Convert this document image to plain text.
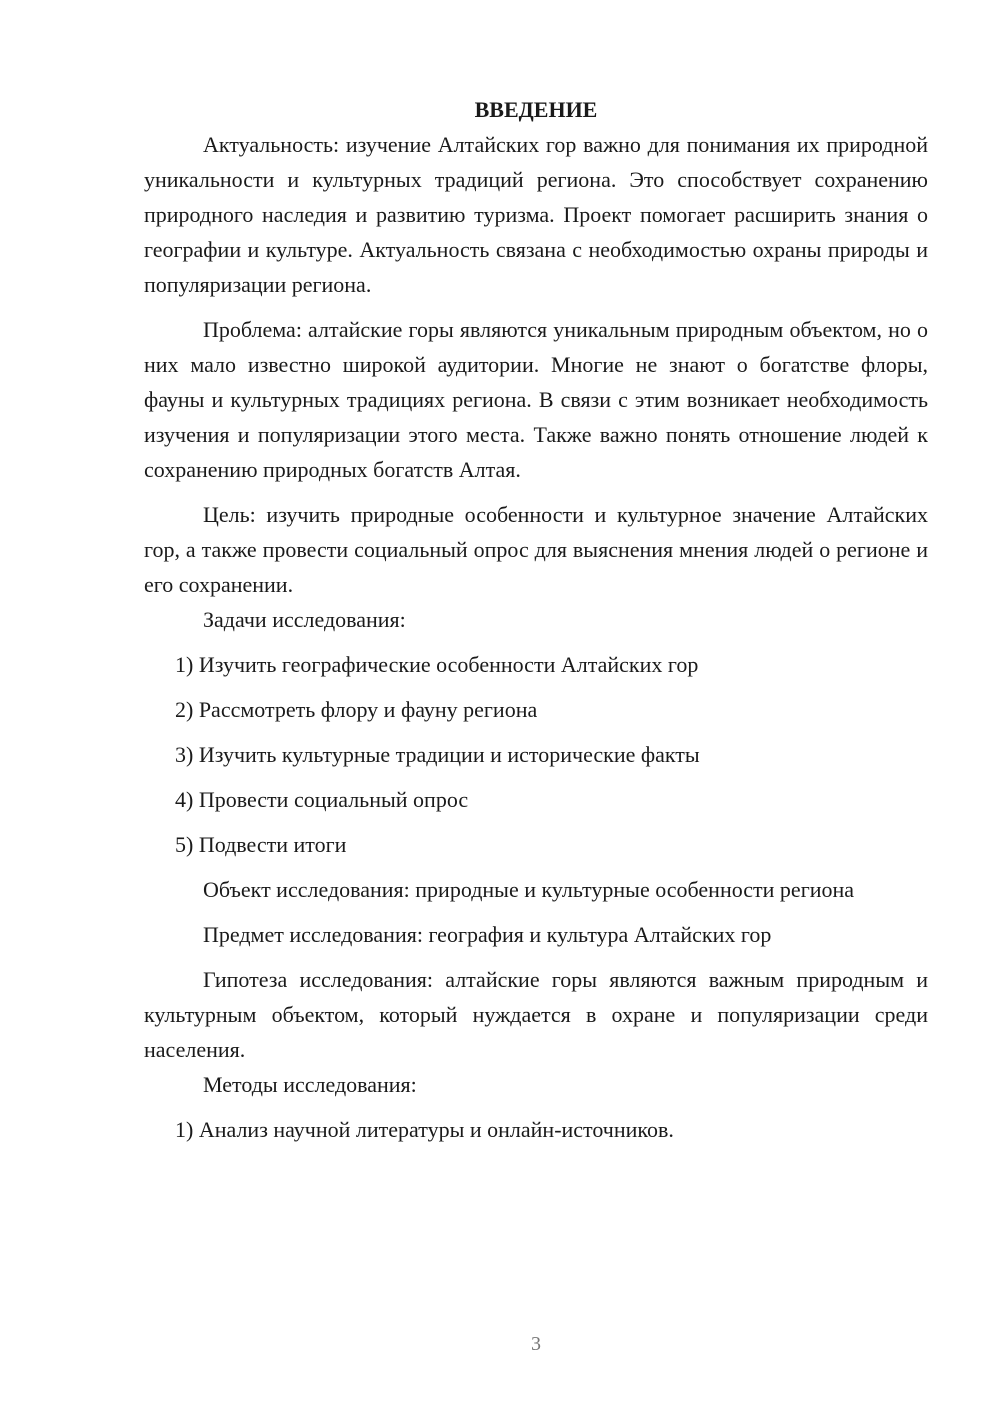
ВВЕДЕНИЕ

Актуальность: изучение Алтайских гор важно для понимания их природной уникальности и культурных традиций региона. Это способствует сохранению природного наследия и развитию туризма. Проект помогает расширить знания о географии и культуре. Актуальность связана с необходимостью охраны природы и популяризации региона.

Проблема: алтайские горы являются уникальным природным объектом, но о них мало известно широкой аудитории. Многие не знают о богатстве флоры, фауны и культурных традициях региона. В связи с этим возникает необходимость изучения и популяризации этого места. Также важно понять отношение людей к сохранению природных богатств Алтая.

Цель: изучить природные особенности и культурное значение Алтайских гор, а также провести социальный опрос для выяснения мнения людей о регионе и его сохранении.

Задачи исследования:

1) Изучить географические особенности Алтайских гор

2) Рассмотреть флору и фауну региона

3) Изучить культурные традиции и исторические факты

4) Провести социальный опрос

5) Подвести итоги

Объект исследования: природные и культурные особенности региона

Предмет исследования: география и культура Алтайских гор

Гипотеза исследования: алтайские горы являются важным природным и культурным объектом, который нуждается в охране и популяризации среди населения.

Методы исследования:

1) Анализ научной литературы и онлайн-источников.

3
